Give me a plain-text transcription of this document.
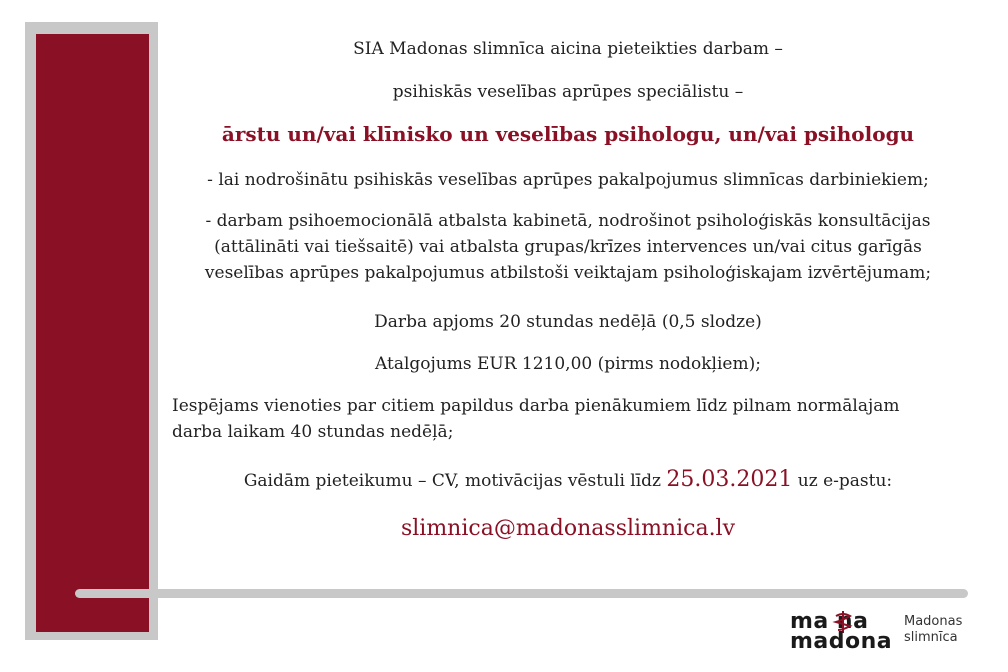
SIA Madonas slimnīca aicina pieteikties darbam –
psihiskās veselības aprūpes speciālistu –
ārstu un/vai klīnisko un veselības psihologu, un/vai psihologu
- lai nodrošinātu psihiskās veselības aprūpes pakalpojumus slimnīcas darbiniekiem;
- darbam psihoemocionālā atbalsta kabinetā, nodrošinot psiholoģiskās konsultācijas
(attālināti vai tiešsaitē) vai atbalsta grupas/krīzes intervences un/vai citus garīgās
veselības aprūpes pakalpojumus atbilstoši veiktajam psiholoģiskajam izvērtējumam;
Darba apjoms 20 stundas nedēļā (0,5 slodze)
Atalgojums EUR 1210,00 (pirms nodokļiem);
Iespējams vienoties par citiem papildus darba pienākumiem līdz pilnam normālajam
darba laikam 40 stundas nedēļā;
Gaidām pieteikumu – CV, motivācijas vēstuli līdz 25.03.2021 uz e-pastu:
slimnica@madonasslimnica.lv
ma na
madona
Madonas
slimnīca
